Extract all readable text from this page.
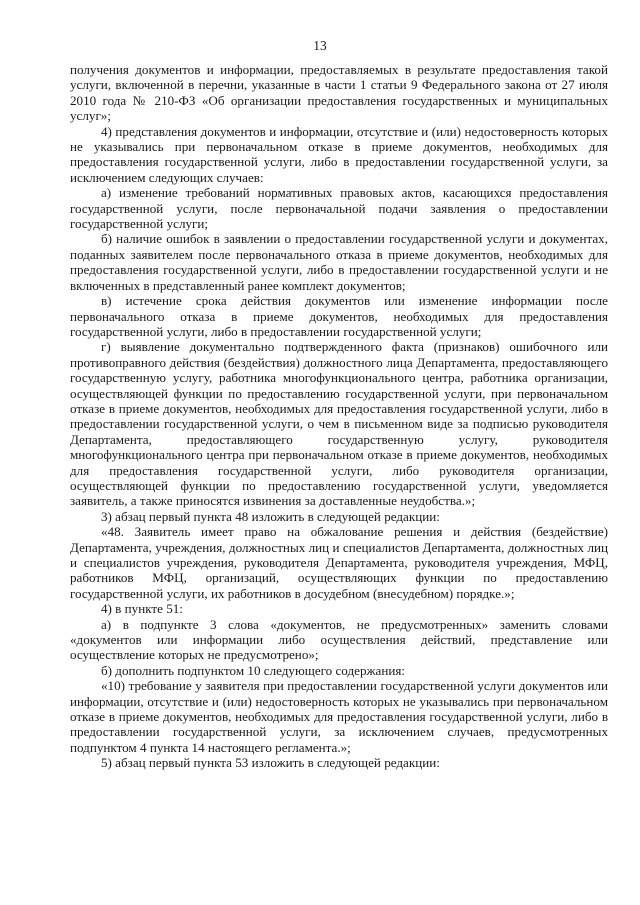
13

получения документов и информации, предоставляемых в результате предоставления такой услуги, включенной в перечни, указанные в части 1 статьи 9 Федерального закона от 27 июля 2010 года № 210-ФЗ «Об организации предоставления государственных и муниципальных услуг»;

4) представления документов и информации, отсутствие и (или) недостоверность которых не указывались при первоначальном отказе в приеме документов, необходимых для предоставления государственной услуги, либо в предоставлении государственной услуги, за исключением следующих случаев:

а) изменение требований нормативных правовых актов, касающихся предоставления государственной услуги, после первоначальной подачи заявления о предоставлении государственной услуги;

б) наличие ошибок в заявлении о предоставлении государственной услуги и документах, поданных заявителем после первоначального отказа в приеме документов, необходимых для предоставления государственной услуги, либо в предоставлении государственной услуги и не включенных в представленный ранее комплект документов;

в) истечение срока действия документов или изменение информации после первоначального отказа в приеме документов, необходимых для предоставления государственной услуги, либо в предоставлении государственной услуги;

г) выявление документально подтвержденного факта (признаков) ошибочного или противоправного действия (бездействия) должностного лица Департамента, предоставляющего государственную услугу, работника многофункционального центра, работника организации, осуществляющей функции по предоставлению государственной услуги, при первоначальном отказе в приеме документов, необходимых для предоставления государственной услуги, либо в предоставлении государственной услуги, о чем в письменном виде за подписью руководителя Департамента, предоставляющего государственную услугу, руководителя многофункционального центра при первоначальном отказе в приеме документов, необходимых для предоставления государственной услуги, либо руководителя организации, осуществляющей функции по предоставлению государственной услуги, уведомляется заявитель, а также приносятся извинения за доставленные неудобства.»;

3) абзац первый пункта 48 изложить в следующей редакции:

«48. Заявитель имеет право на обжалование решения и действия (бездействие) Департамента, учреждения, должностных лиц и специалистов Департамента, должностных лиц и специалистов учреждения, руководителя Департамента, руководителя учреждения, МФЦ, работников МФЦ, организаций, осуществляющих функции по предоставлению государственной услуги, их работников в досудебном (внесудебном) порядке.»;

4) в пункте 51:

а) в подпункте 3 слова «документов, не предусмотренных» заменить словами «документов или информации либо осуществления действий, представление или осуществление которых не предусмотрено»;

б) дополнить подпунктом 10 следующего содержания:

«10) требование у заявителя при предоставлении государственной услуги документов или информации, отсутствие и (или) недостоверность которых не указывались при первоначальном отказе в приеме документов, необходимых для предоставления государственной услуги, либо в предоставлении государственной услуги, за исключением случаев, предусмотренных подпунктом 4 пункта 14 настоящего регламента.»;

5) абзац первый пункта 53 изложить в следующей редакции:
